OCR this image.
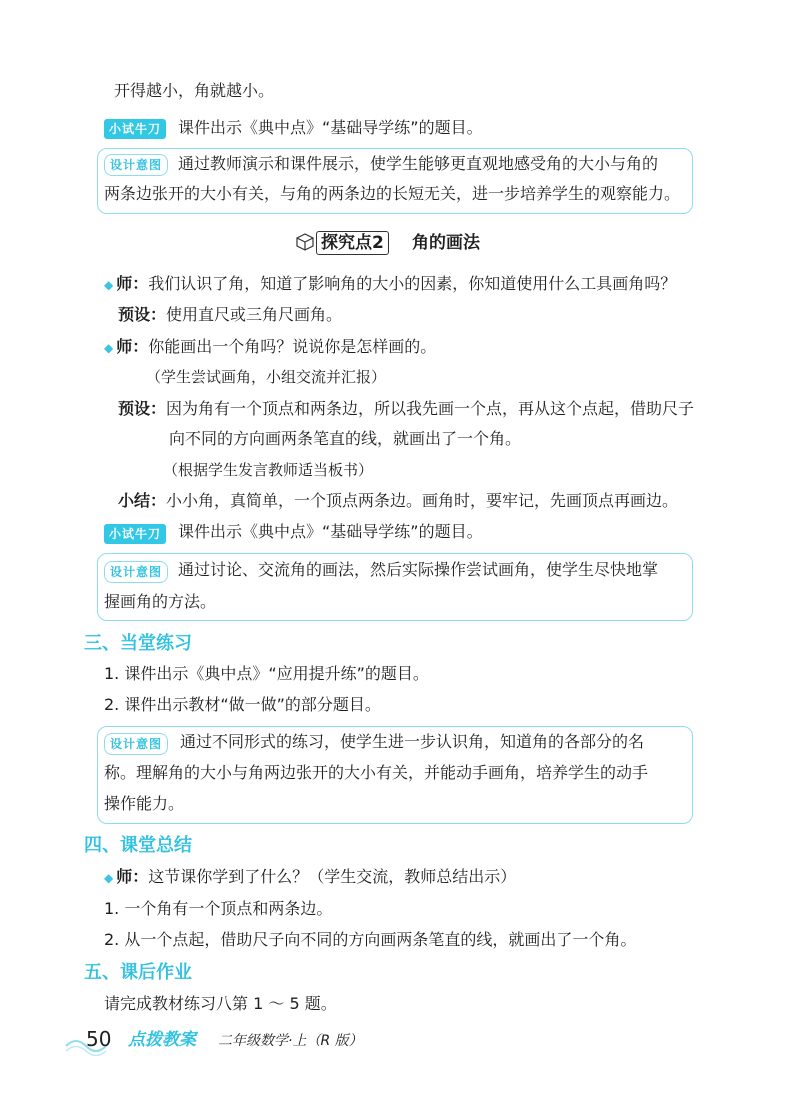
开得越小，角就越小。
小试牛刀	课件出示《典中点》“基础导学练”的题目。
设计意图 通过教师演示和课件展示，使学生能够更直观地感受角的大小与角的
两条边张开的大小有关，与角的两条边的长短无关，进一步培养学生的观察能力。
探究点2 角的画法
◆ 师：我们认识了角，知道了影响角的大小的因素，你知道使用什么工具画角吗？
预设：使用直尺或三角尺画角。
◆ 师：你能画出一个角吗？说说你是怎样画的。
（学生尝试画角，小组交流并汇报）
预设：因为角有一个顶点和两条边，所以我先画一个点，再从这个点起，借助尺子
向不同的方向画两条笔直的线，就画出了一个角。
（根据学生发言教师适当板书）
小结：小小角，真简单，一个顶点两条边。画角时，要牢记，先画顶点再画边。
小试牛刀	课件出示《典中点》“基础导学练”的题目。
设计意图 通过讨论、交流角的画法，然后实际操作尝试画角，使学生尽快地掌
握画角的方法。
三、当堂练习
1. 课件出示《典中点》“应用提升练”的题目。
2. 课件出示教材“做一做”的部分题目。
设计意图	通过不同形式的练习，使学生进一步认识角，知道角的各部分的名
称。理解角的大小与角两边张开的大小有关，并能动手画角，培养学生的动手
操作能力。
四、课堂总结
◆ 师：这节课你学到了什么？（学生交流，教师总结出示）
1. 一个角有一个顶点和两条边。
2. 从一个点起，借助尺子向不同的方向画两条笔直的线，就画出了一个角。
五、课后作业
请完成教材练习八第 1 ～ 5 题。
50 点拨教案 二年级数学·上（R 版）
